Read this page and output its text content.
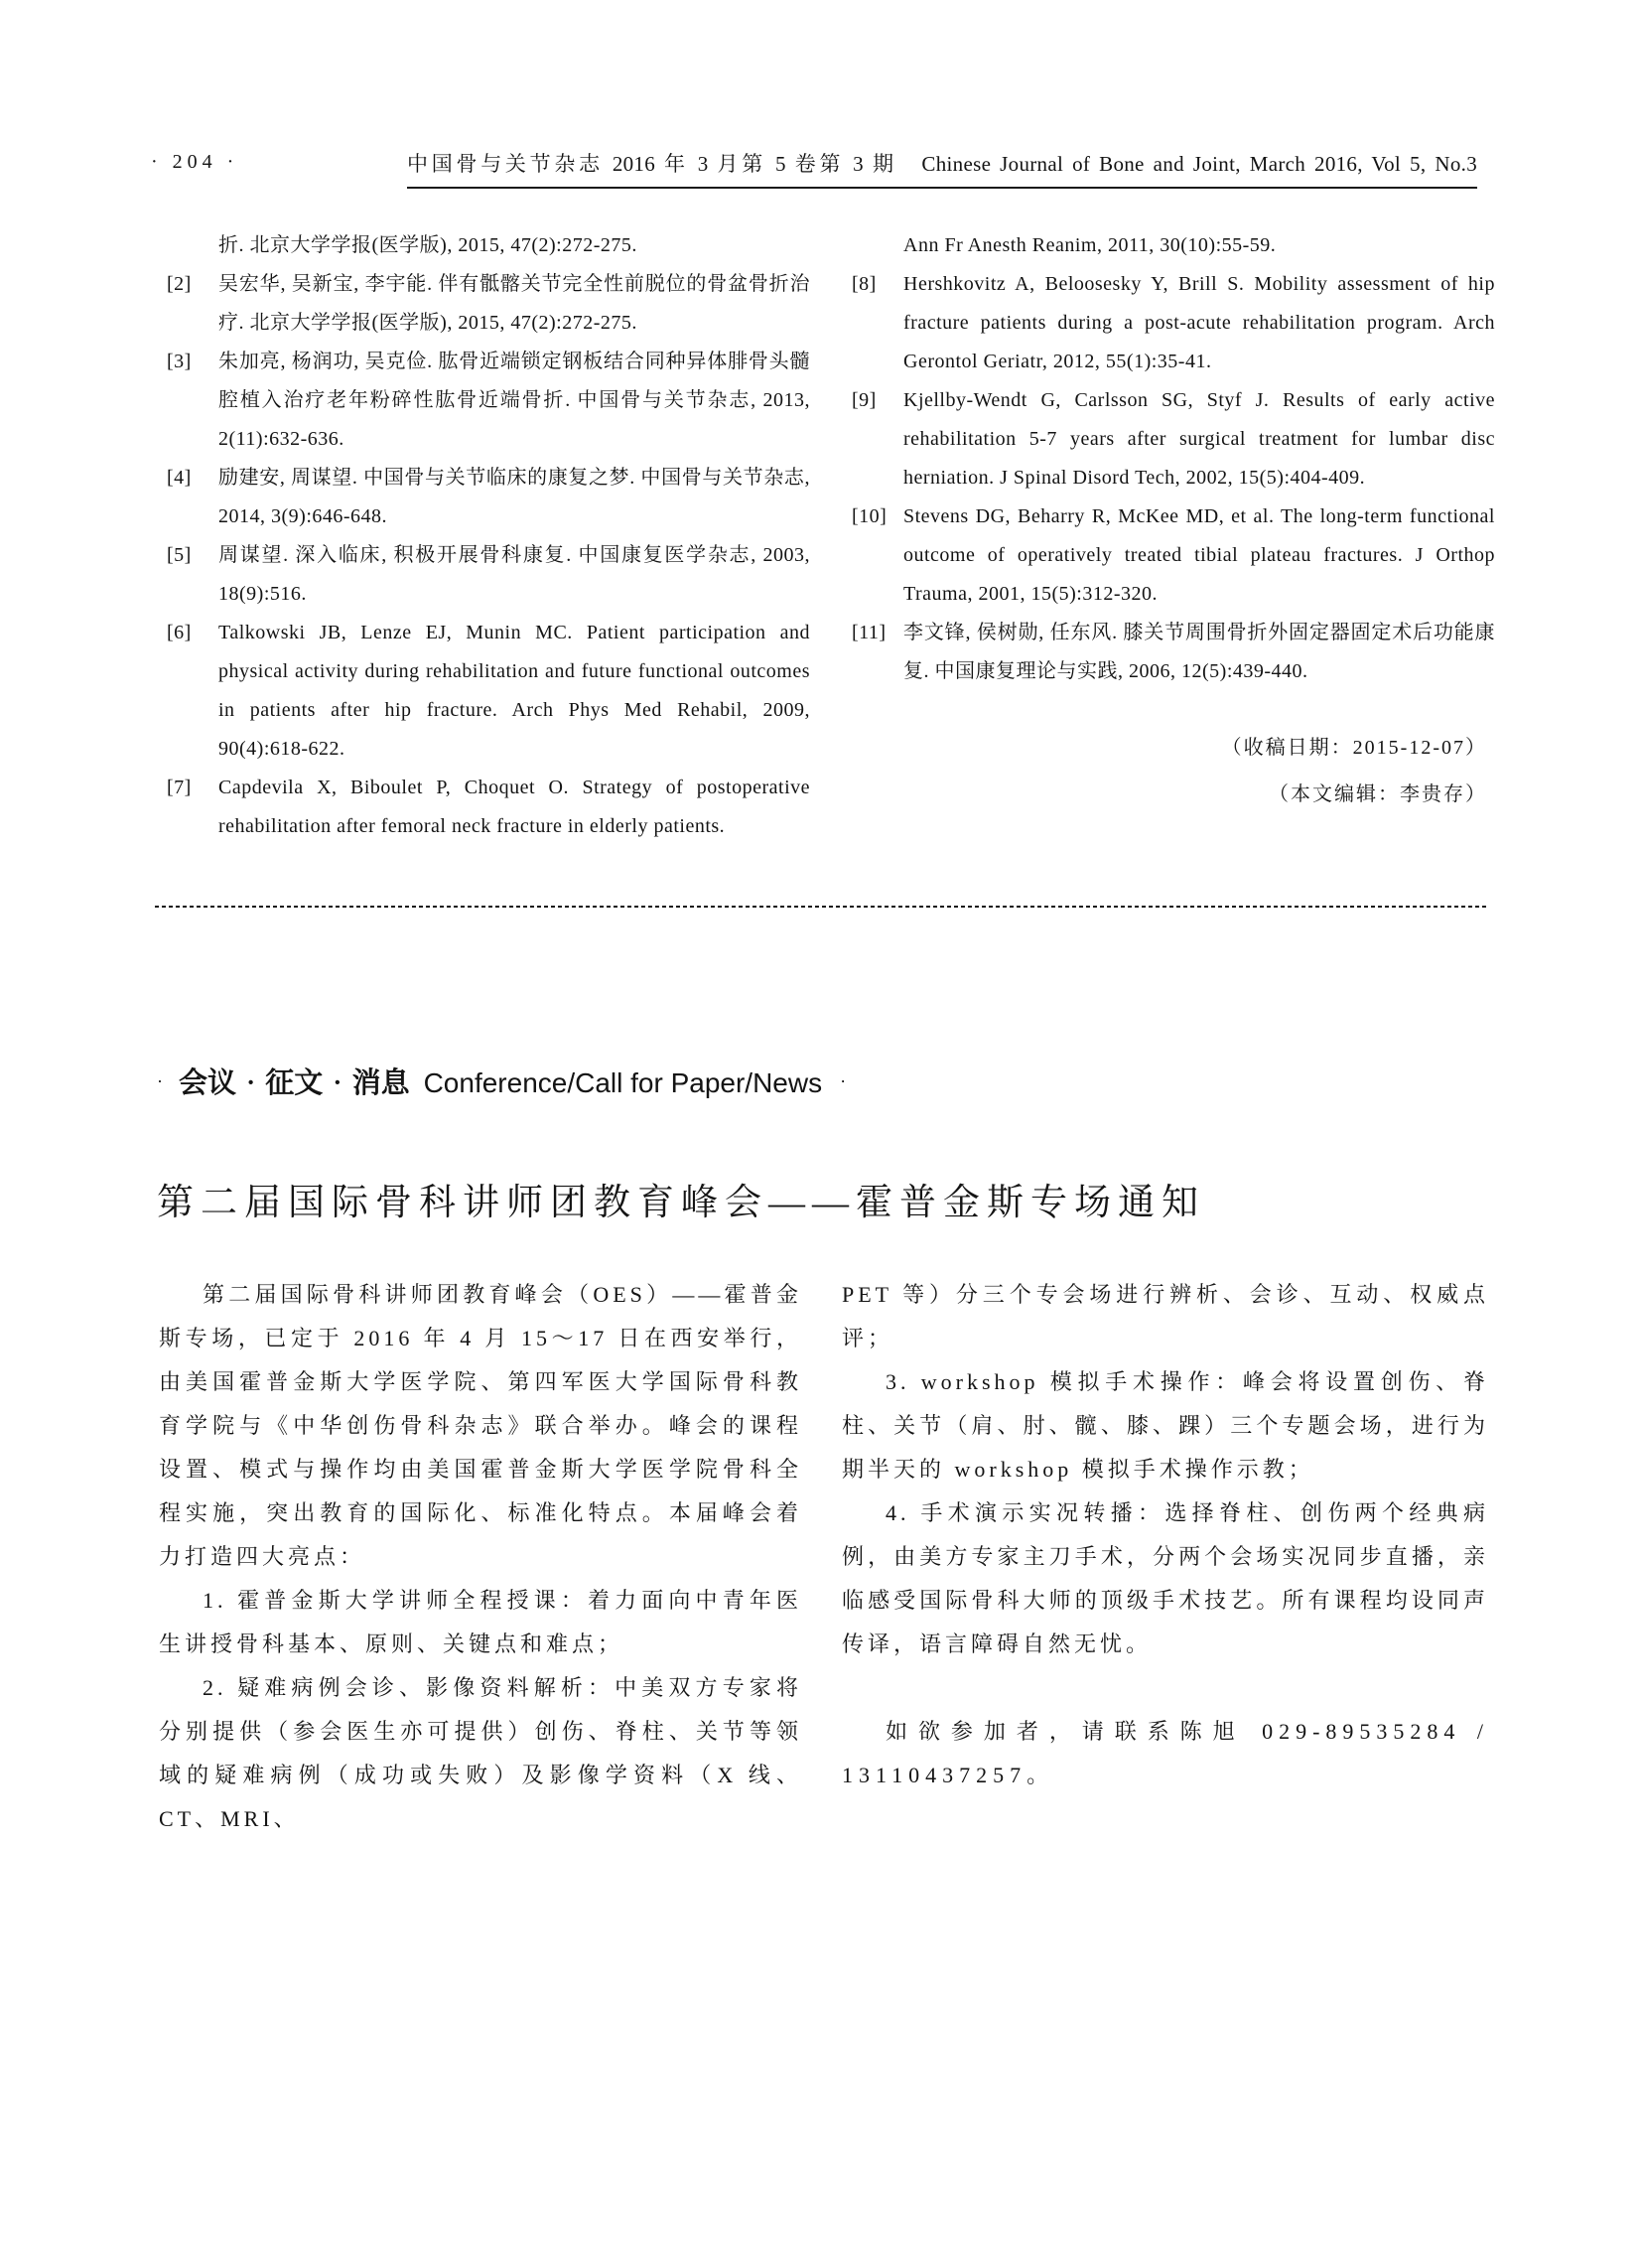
· 204 ·	中国骨与关节杂志 2016 年 3 月第 5 卷第 3 期　Chinese Journal of Bone and Joint, March 2016, Vol 5, No.3
折. 北京大学学报(医学版), 2015, 47(2):272-275.
[2] 吴宏华, 吴新宝, 李宇能. 伴有骶髂关节完全性前脱位的骨盆骨折治疗. 北京大学学报(医学版), 2015, 47(2):272-275.
[3] 朱加亮, 杨润功, 吴克俭. 肱骨近端锁定钢板结合同种异体腓骨头髓腔植入治疗老年粉碎性肱骨近端骨折. 中国骨与关节杂志, 2013, 2(11):632-636.
[4] 励建安, 周谋望. 中国骨与关节临床的康复之梦. 中国骨与关节杂志, 2014, 3(9):646-648.
[5] 周谋望. 深入临床, 积极开展骨科康复. 中国康复医学杂志, 2003, 18(9):516.
[6] Talkowski JB, Lenze EJ, Munin MC. Patient participation and physical activity during rehabilitation and future functional outcomes in patients after hip fracture. Arch Phys Med Rehabil, 2009, 90(4):618-622.
[7] Capdevila X, Biboulet P, Choquet O. Strategy of postoperative rehabilitation after femoral neck fracture in elderly patients.
Ann Fr Anesth Reanim, 2011, 30(10):55-59.
[8] Hershkovitz A, Beloosesky Y, Brill S. Mobility assessment of hip fracture patients during a post-acute rehabilitation program. Arch Gerontol Geriatr, 2012, 55(1):35-41.
[9] Kjellby-Wendt G, Carlsson SG, Styf J. Results of early active rehabilitation 5-7 years after surgical treatment for lumbar disc herniation. J Spinal Disord Tech, 2002, 15(5):404-409.
[10] Stevens DG, Beharry R, McKee MD, et al. The long-term functional outcome of operatively treated tibial plateau fractures. J Orthop Trauma, 2001, 15(5):312-320.
[11] 李文锋, 侯树勋, 任东风. 膝关节周围骨折外固定器固定术后功能康复. 中国康复理论与实践, 2006, 12(5):439-440.
（收稿日期：2015-12-07）
（本文编辑：李贵存）
· 会议 • 征文 • 消息 Conference/Call for Paper/News ·
第二届国际骨科讲师团教育峰会——霍普金斯专场通知

第二届国际骨科讲师团教育峰会（OES）——霍普金斯专场，已定于 2016 年 4 月 15～17 日在西安举行，由美国霍普金斯大学医学院、第四军医大学国际骨科教育学院与《中华创伤骨科杂志》联合举办。峰会的课程设置、模式与操作均由美国霍普金斯大学医学院骨科全程实施，突出教育的国际化、标准化特点。本届峰会着力打造四大亮点：

1. 霍普金斯大学讲师全程授课：着力面向中青年医生讲授骨科基本、原则、关键点和难点；

2. 疑难病例会诊、影像资料解析：中美双方专家将分别提供（参会医生亦可提供）创伤、脊柱、关节等领域的疑难病例（成功或失败）及影像学资料（X 线、CT、MRI、

PET 等）分三个专会场进行辨析、会诊、互动、权威点评；

3. workshop 模拟手术操作：峰会将设置创伤、脊柱、关节（肩、肘、髋、膝、踝）三个专题会场，进行为期半天的 workshop 模拟手术操作示教；

4. 手术演示实况转播：选择脊柱、创伤两个经典病例，由美方专家主刀手术，分两个会场实况同步直播，亲临感受国际骨科大师的顶级手术技艺。所有课程均设同声传译，语言障碍自然无忧。

如欲参加者，请联系陈旭 029-89535284 / 13110437257。
